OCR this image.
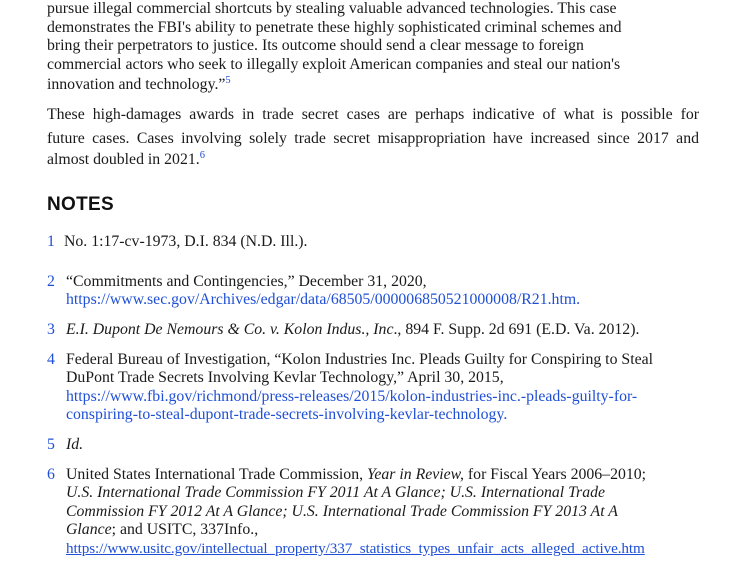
pursue illegal commercial shortcuts by stealing valuable advanced technologies. This case
demonstrates the FBI's ability to penetrate these highly sophisticated criminal schemes and
bring their perpetrators to justice. Its outcome should send a clear message to foreign
commercial actors who seek to illegally exploit American companies and steal our nation's
innovation and technology.”$^5$
These high-damages awards in trade secret cases are perhaps indicative of what is possible for
future cases. Cases involving solely trade secret misappropriation have increased since 2017 and
almost doubled in 2021.$^6$
NOTES
1 No. 1:17-cv-1973, D.I. 834 (N.D. Ill.).
2 “Commitments and Contingencies,” December 31, 2020,
https://www.sec.gov/Archives/edgar/data/68505/000006850521000008/R21.htm.
3 E.I. Dupont De Nemours & Co. v. Kolon Indus., Inc., 894 F. Supp. 2d 691 (E.D. Va. 2012).
4 Federal Bureau of Investigation, “Kolon Industries Inc. Pleads Guilty for Conspiring to Steal
DuPont Trade Secrets Involving Kevlar Technology,” April 30, 2015,
https://www.fbi.gov/richmond/press-releases/2015/kolon-industries-inc.-pleads-guilty-for-
conspiring-to-steal-dupont-trade-secrets-involving-kevlar-technology.
5 Id.
6 United States International Trade Commission, Year in Review, for Fiscal Years 2006–2010;
U.S. International Trade Commission FY 2011 At A Glance; U.S. International Trade
Commission FY 2012 At A Glance; U.S. International Trade Commission FY 2013 At A
Glance; and USITC, 337Info.,
https://www.usitc.gov/intellectual_property/337_statistics_types_unfair_acts_alleged_active.htm
